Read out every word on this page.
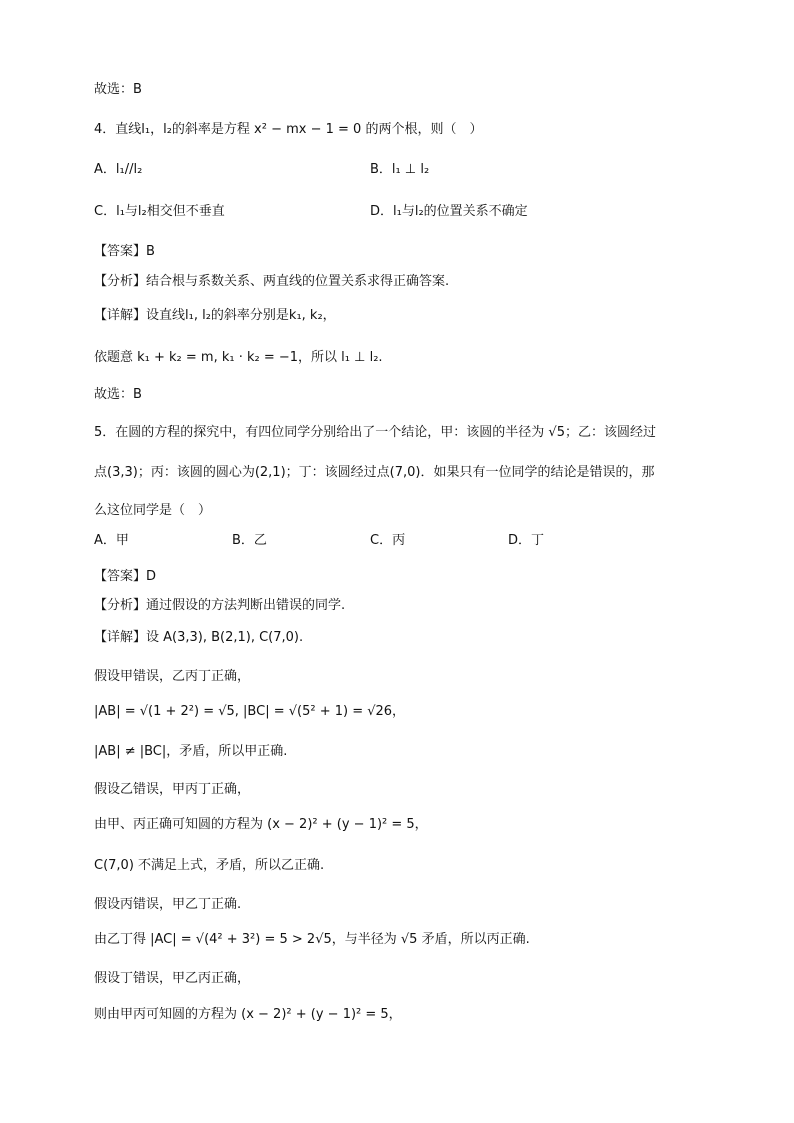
故选：B
4．直线l₁，l₂的斜率是方程 x² − mx − 1 = 0 的两个根，则（　）
A．l₁//l₂	B．l₁ ⊥ l₂
C．l₁与l₂相交但不垂直	D．l₁与l₂的位置关系不确定
【答案】B
【分析】结合根与系数关系、两直线的位置关系求得正确答案.
【详解】设直线l₁, l₂的斜率分别是k₁, k₂，
依题意 k₁ + k₂ = m, k₁ · k₂ = −1，所以 l₁ ⊥ l₂.
故选：B
5．在圆的方程的探究中，有四位同学分别给出了一个结论，甲：该圆的半径为 √5；乙：该圆经过
点(3,3)；丙：该圆的圆心为(2,1)；丁：该圆经过点(7,0)．如果只有一位同学的结论是错误的，那
么这位同学是（　）
A．甲	B．乙	C．丙	D．丁
【答案】D
【分析】通过假设的方法判断出错误的同学.
【详解】设 A(3,3), B(2,1), C(7,0).
假设甲错误，乙丙丁正确，
|AB| = √(1 + 2²) = √5, |BC| = √(5² + 1) = √26，
|AB| ≠ |BC|，矛盾，所以甲正确.
假设乙错误，甲丙丁正确，
由甲、丙正确可知圆的方程为 (x − 2)² + (y − 1)² = 5，
C(7,0) 不满足上式，矛盾，所以乙正确.
假设丙错误，甲乙丁正确.
由乙丁得 |AC| = √(4² + 3²) = 5 > 2√5，与半径为 √5 矛盾，所以丙正确.
假设丁错误，甲乙丙正确，
则由甲丙可知圆的方程为 (x − 2)² + (y − 1)² = 5，
